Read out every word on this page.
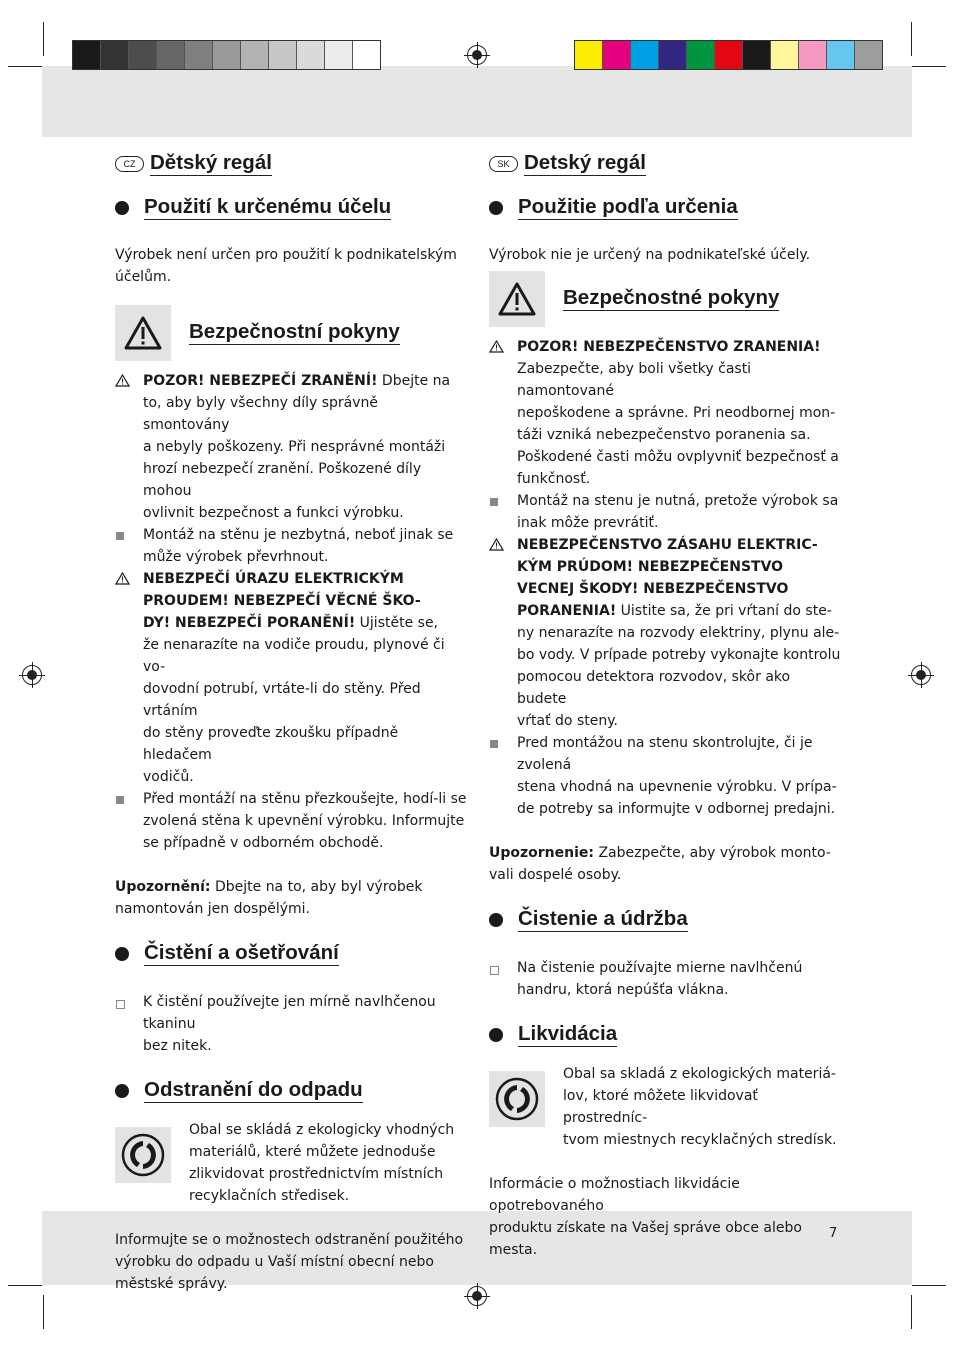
CZ Dětský regál
Použití k určenému účelu

Výrobek není určen pro použití k podnikatelským
účelům.

Bezpečnostní pokyny
POZOR! NEBEZPEČÍ ZRANĚNÍ! Dbejte na
to, aby byly všechny díly správně smontovány
a nebyly poškozeny. Při nesprávné montáži
hrozí nebezpečí zranění. Poškozené díly mohou
ovlivnit bezpečnost a funkci výrobku.
Montáž na stěnu je nezbytná, neboť jinak se
může výrobek převrhnout.
NEBEZPEČÍ ÚRAZU ELEKTRICKÝM
PROUDEM! NEBEZPEČÍ VĚCNÉ ŠKO-
DY! NEBEZPEČÍ PORANĚNÍ! Ujistěte se,
že nenarazíte na vodiče proudu, plynové či vo-
dovodní potrubí, vrtáte-li do stěny. Před vrtáním
do stěny proveďte zkoušku případně hledačem
vodičů.
Před montáží na stěnu přezkoušejte, hodí-li se
zvolená stěna k upevnění výrobku. Informujte
se případně v odborném obchodě.

Upozornění: Dbejte na to, aby byl výrobek
namontován jen dospělými.

Čistění a ošetřování
K čistění používejte jen mírně navlhčenou tkaninu
bez nitek.
Odstranění do odpadu
Obal se skládá z ekologicky vhodných
materiálů, které můžete jednoduše
zlikvidovat prostřednictvím místních
recyklačních středisek.

Informujte se o možnostech odstranění použitého
výrobku do odpadu u Vaší místní obecní nebo
městské správy.

SK Detský regál
Použitie podľa určenia

Výrobok nie je určený na podnikateľské účely.

Bezpečnostné pokyny
POZOR! NEBEZPEČENSTVO ZRANENIA!
Zabezpečte, aby boli všetky časti namontované
nepoškodene a správne. Pri neodbornej mon-
táži vzniká nebezpečenstvo poranenia sa.
Poškodené časti môžu ovplyvniť bezpečnosť a
funkčnosť.
Montáž na stenu je nutná, pretože výrobok sa
inak môže prevrátiť.
NEBEZPEČENSTVO ZÁSAHU ELEKTRIC-
KÝM PRÚDOM! NEBEZPEČENSTVO
VECNEJ ŠKODY! NEBEZPEČENSTVO
PORANENIA! Uistite sa, že pri vŕtaní do ste-
ny nenarazíte na rozvody elektriny, plynu ale-
bo vody. V prípade potreby vykonajte kontrolu
pomocou detektora rozvodov, skôr ako budete
vŕtať do steny.
Pred montážou na stenu skontrolujte, či je zvolená
stena vhodná na upevnenie výrobku. V prípa-
de potreby sa informujte v odbornej predajni.

Upozornenie: Zabezpečte, aby výrobok monto-
vali dospelé osoby.

Čistenie a údržba
Na čistenie používajte mierne navlhčenú
handru, ktorá nepúšťa vlákna.
Likvidácia
Obal sa skladá z ekologických materiá-
lov, ktoré môžete likvidovať prostredníc-
tvom miestnych recyklačných stredísk.

Informácie o možnostiach likvidácie opotrebovaného
produktu získate na Vašej správe obce alebo mesta.

7
